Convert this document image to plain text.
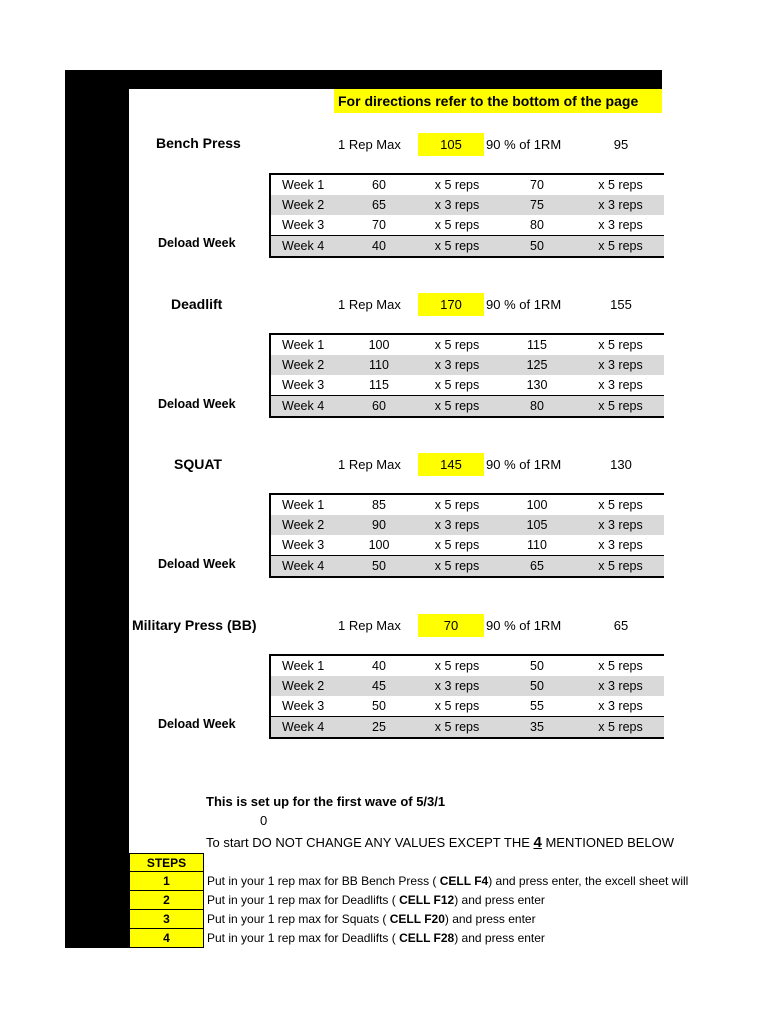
For directions refer to the bottom of the page
Bench Press	1 Rep Max	105	90 % of 1RM	95
Week 1	60	x 5 reps	70	x 5 reps
Week 2	65	x 3 reps	75	x 3 reps
Week 3	70	x 5 reps	80	x 3 reps
Week 4	40	x 5 reps	50	x 5 reps
Deload Week
Deadlift	1 Rep Max	170	90 % of 1RM	155
Week 1	100	x 5 reps	115	x 5 reps
Week 2	110	x 3 reps	125	x 3 reps
Week 3	115	x 5 reps	130	x 3 reps
Week 4	60	x 5 reps	80	x 5 reps
Deload Week
SQUAT	1 Rep Max	145	90 % of 1RM	130
Week 1	85	x 5 reps	100	x 5 reps
Week 2	90	x 3 reps	105	x 3 reps
Week 3	100	x 5 reps	110	x 3 reps
Week 4	50	x 5 reps	65	x 5 reps
Deload Week
Military Press (BB)	1 Rep Max	70	90 % of 1RM	65
Week 1	40	x 5 reps	50	x 5 reps
Week 2	45	x 3 reps	50	x 3 reps
Week 3	50	x 5 reps	55	x 3 reps
Week 4	25	x 5 reps	35	x 5 reps
Deload Week
This is set up for the first wave of 5/3/1
0
To start DO NOT CHANGE ANY VALUES EXCEPT THE 4 MENTIONED BELOW
STEPS
1	Put in your 1 rep max for BB Bench Press ( CELL F4) and press enter, the excell sheet will
2	Put in your 1 rep max for Deadlifts ( CELL F12) and press enter
3	Put in your 1 rep max for Squats ( CELL F20) and press enter
4	Put in your 1 rep max for Deadlifts ( CELL F28) and press enter
